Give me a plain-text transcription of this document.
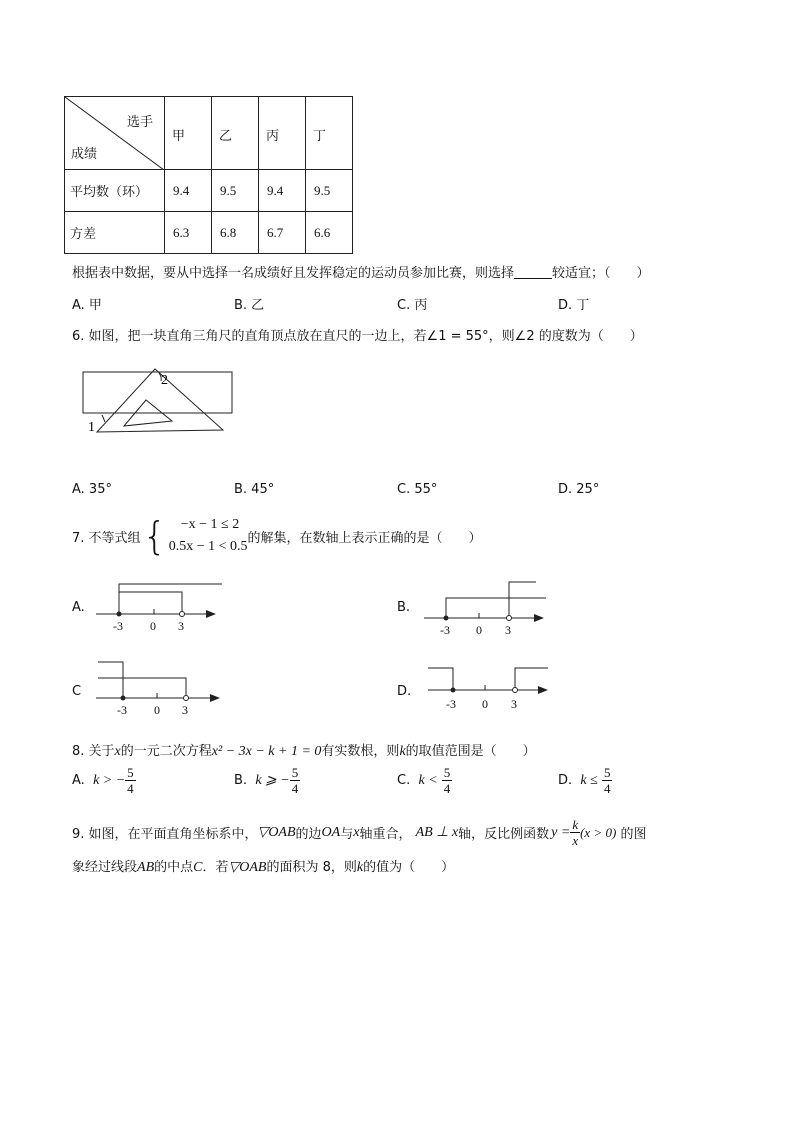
选手
成绩	甲	乙	丙	丁
平均数（环）	9.4	9.5	9.4	9.5
方差	6.3	6.8	6.7	6.6
根据表中数据，要从中选择一名成绩好且发挥稳定的运动员参加比赛，则选择	较适宜；（　　）
A. 甲	B. 乙	C. 丙	D. 丁
6. 如图，把一块直角三角尺的直角顶点放在直尺的一边上，若∠1 = 55°，则∠2 的度数为（　　）
1
2
A. 35°	B. 45°	C. 55°	D. 25°
7. 不等式组 {	−x − 1 ≤ 2
0.5x − 1 < 0.5
的解集，在数轴上表示正确的是（　　）
A.
-3 0 3
B.
-3 0 3
C
-3 0 3
D.
-3 0 3
8. 关于x的一元二次方程x² − 3x − k + 1 = 0有实数根，则k的取值范围是（　　）
A. k > − $\frac{5}{4}$	B. k ⩾ − $\frac{5}{4}$	C. $k < \frac{5}{4}$	D. $k \le \frac{5}{4}$
9. 如图，在平面直角坐标系中， ▽OAB 的边 OA 与 x 轴重合，
AB ⊥ x 轴，反比例函数 $y = \frac{k}{x} (x > 0)$
的图
象经过线段AB的中点C．若▽OAB的面积为 8，则k的值为（　　）
